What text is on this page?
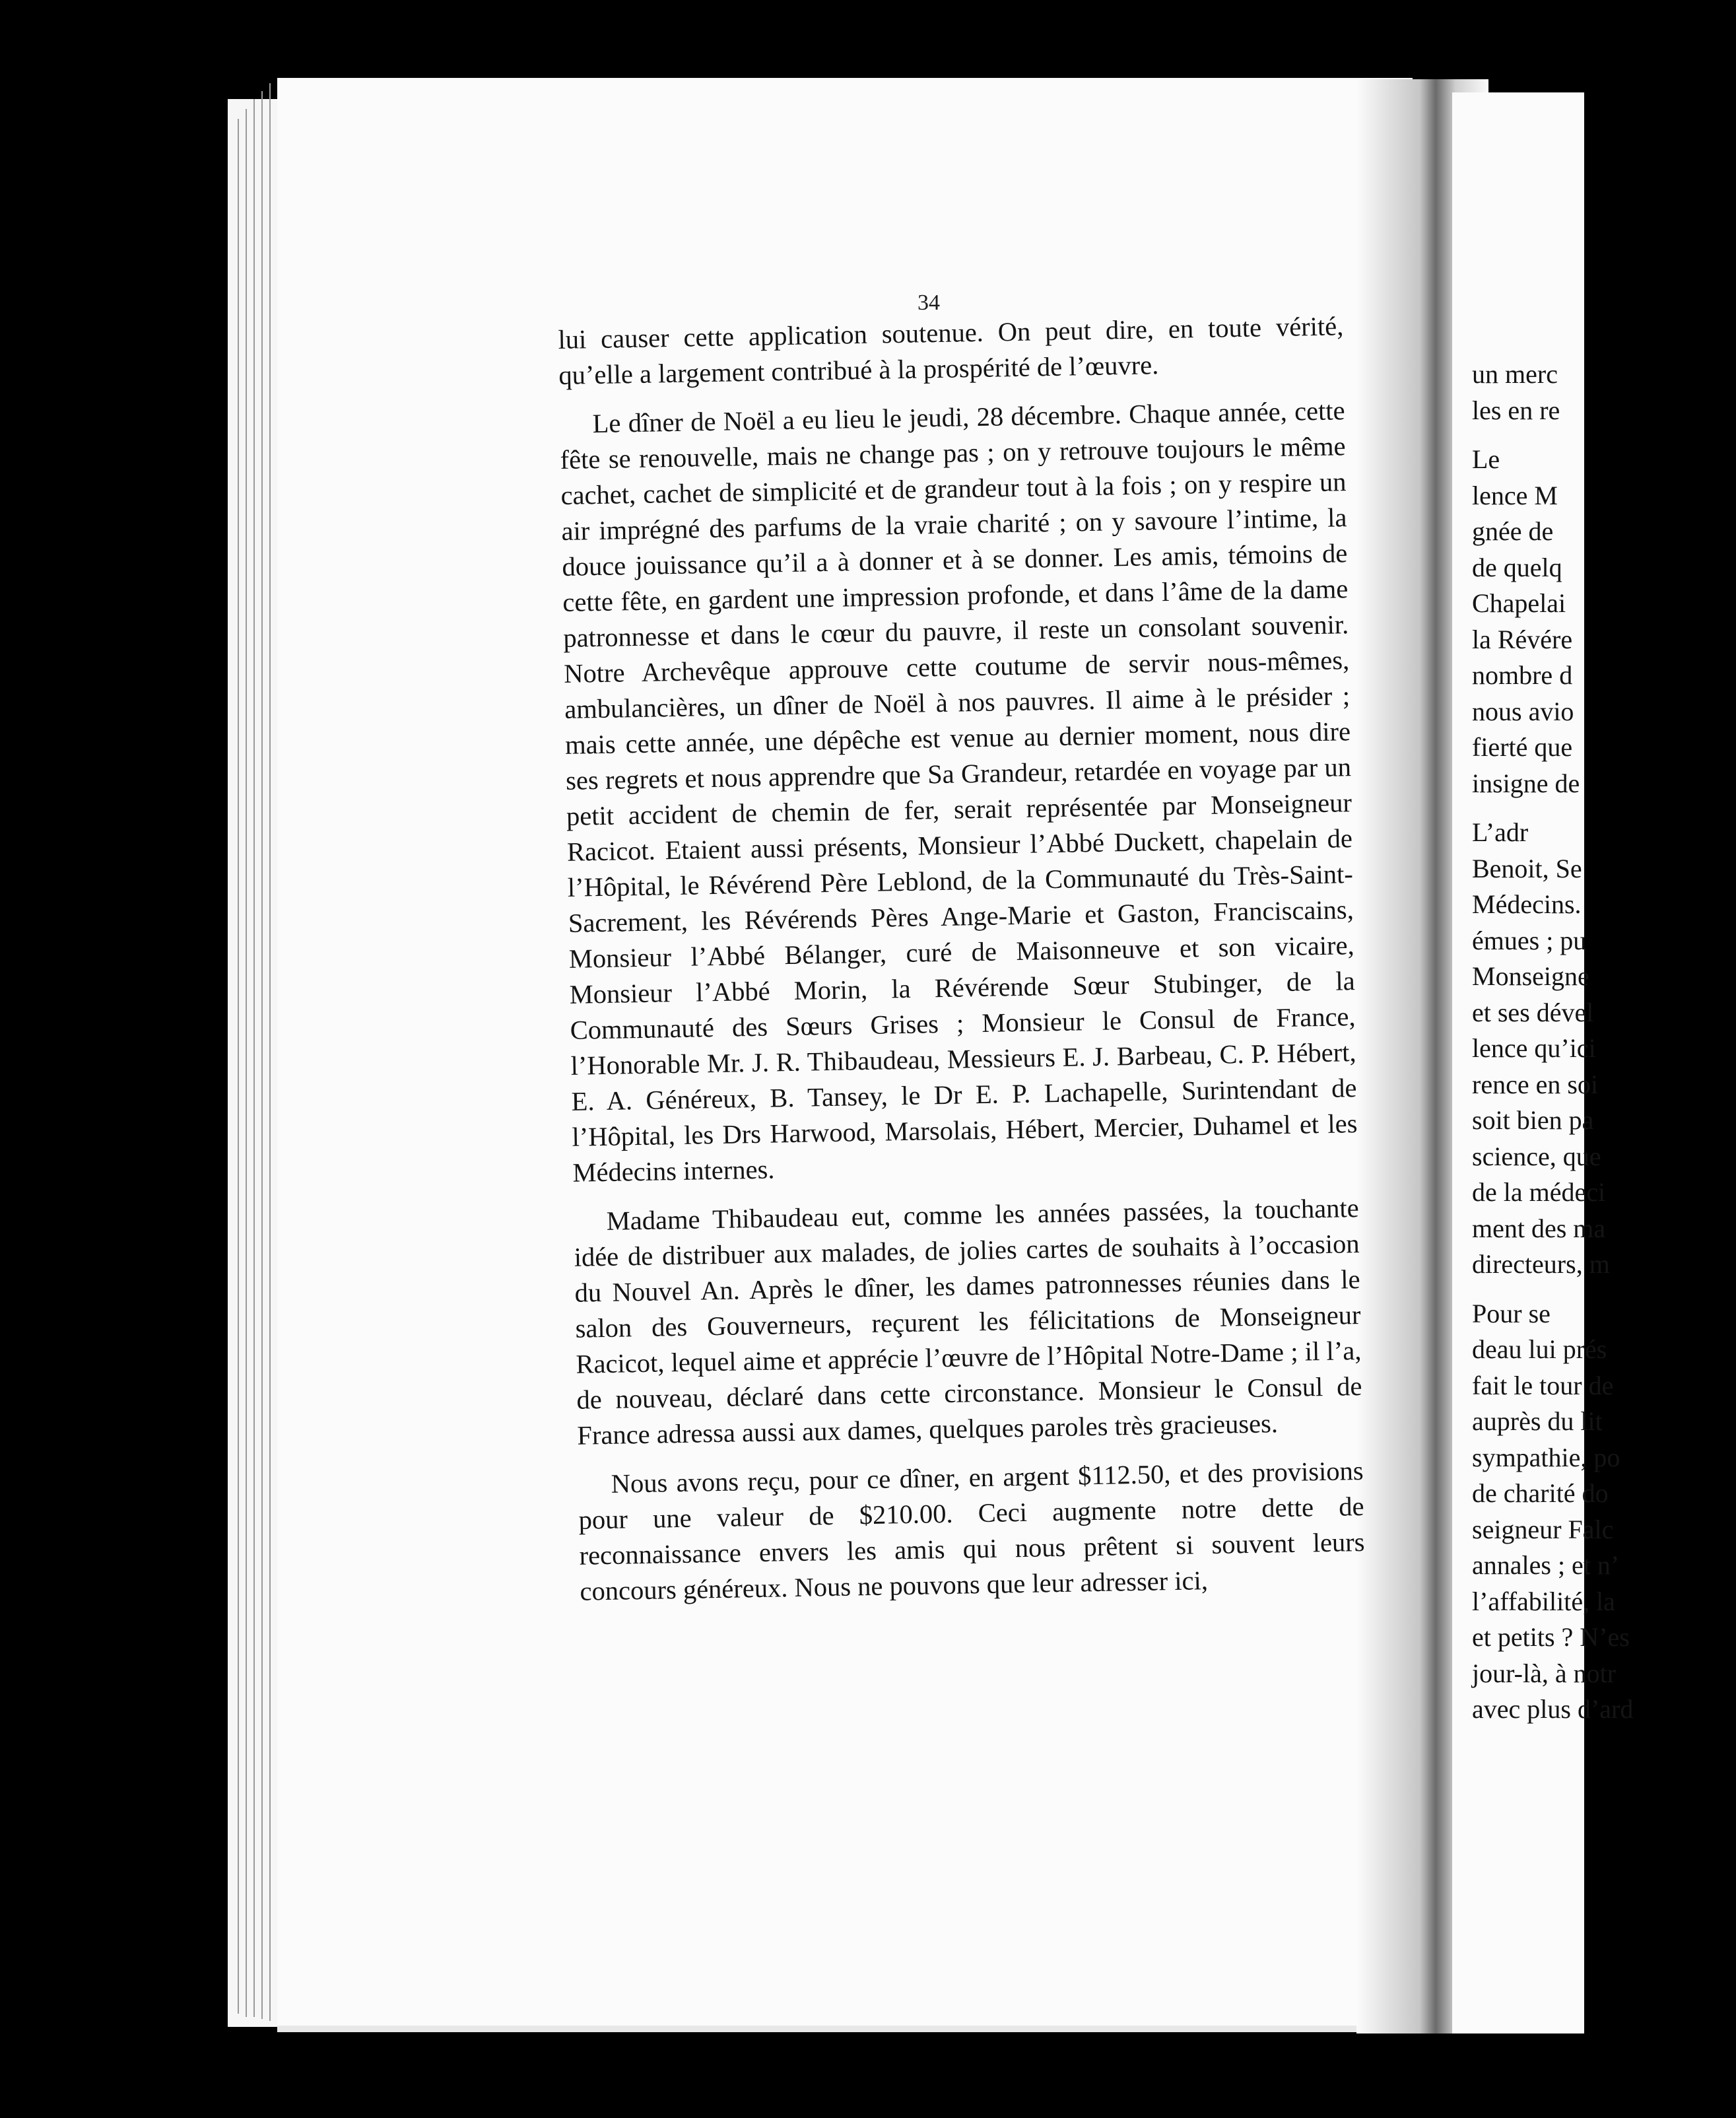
un merc
les en re
Le
lence M
gnée de
de quelq
Chapelai
la Révére
nombre d
nous avio
fierté que
insigne de
L’adr
Benoit, Se
Médecins.
émues ; pu
Monseigne
et ses dével
lence qu’ici
rence en soi
soit bien pa
science, que
de la médeci
ment des ma
directeurs, m
Pour se
deau lui prés
fait le tour de
auprès du lit
sympathie, po
de charité do
seigneur Falc
annales ; et n’
l’affabilité, la
et petits ? N’es
jour-là, à notr
avec plus d’ard

34

lui causer cette application soutenue. On peut dire, en toute vérité, qu’elle a largement contribué à la prospérité de l’œuvre.

Le dîner de Noël a eu lieu le jeudi, 28 décembre. Chaque année, cette fête se renouvelle, mais ne change pas ; on y retrouve toujours le même cachet, cachet de simplicité et de grandeur tout à la fois ; on y respire un air imprégné des parfums de la vraie charité ; on y savoure l’intime, la douce jouissance qu’il a à donner et à se donner. Les amis, témoins de cette fête, en gardent une impression profonde, et dans l’âme de la dame patronnesse et dans le cœur du pauvre, il reste un consolant souvenir. Notre Archevêque approuve cette coutume de servir nous-mêmes, ambulancières, un dîner de Noël à nos pauvres. Il aime à le présider ; mais cette année, une dépêche est venue au dernier moment, nous dire ses regrets et nous apprendre que Sa Grandeur, retardée en voyage par un petit accident de chemin de fer, serait représentée par Monseigneur Racicot. Etaient aussi présents, Monsieur l’Abbé Duckett, chapelain de l’Hôpital, le Révérend Père Leblond, de la Communauté du Très-Saint-Sacrement, les Révérends Pères Ange-Marie et Gaston, Franciscains, Monsieur l’Abbé Bélanger, curé de Maisonneuve et son vicaire, Monsieur l’Abbé Morin, la Révérende Sœur Stubinger, de la Communauté des Sœurs Grises ; Monsieur le Consul de France, l’Honorable Mr. J. R. Thibaudeau, Messieurs E. J. Barbeau, C. P. Hébert, E. A. Généreux, B. Tansey, le Dr E. P. Lachapelle, Surintendant de l’Hôpital, les Drs Harwood, Marsolais, Hébert, Mercier, Duhamel et les Médecins internes.

Madame Thibaudeau eut, comme les années passées, la touchante idée de distribuer aux malades, de jolies cartes de souhaits à l’occasion du Nouvel An. Après le dîner, les dames patronnesses réunies dans le salon des Gouverneurs, reçurent les félicitations de Monseigneur Racicot, lequel aime et apprécie l’œuvre de l’Hôpital Notre-Dame ; il l’a, de nouveau, déclaré dans cette circonstance. Monsieur le Consul de France adressa aussi aux dames, quelques paroles très gracieuses.

Nous avons reçu, pour ce dîner, en argent $112.50, et des provisions pour une valeur de $210.00. Ceci augmente notre dette de reconnaissance envers les amis qui nous prêtent si souvent leurs concours généreux. Nous ne pouvons que leur adresser ici,
